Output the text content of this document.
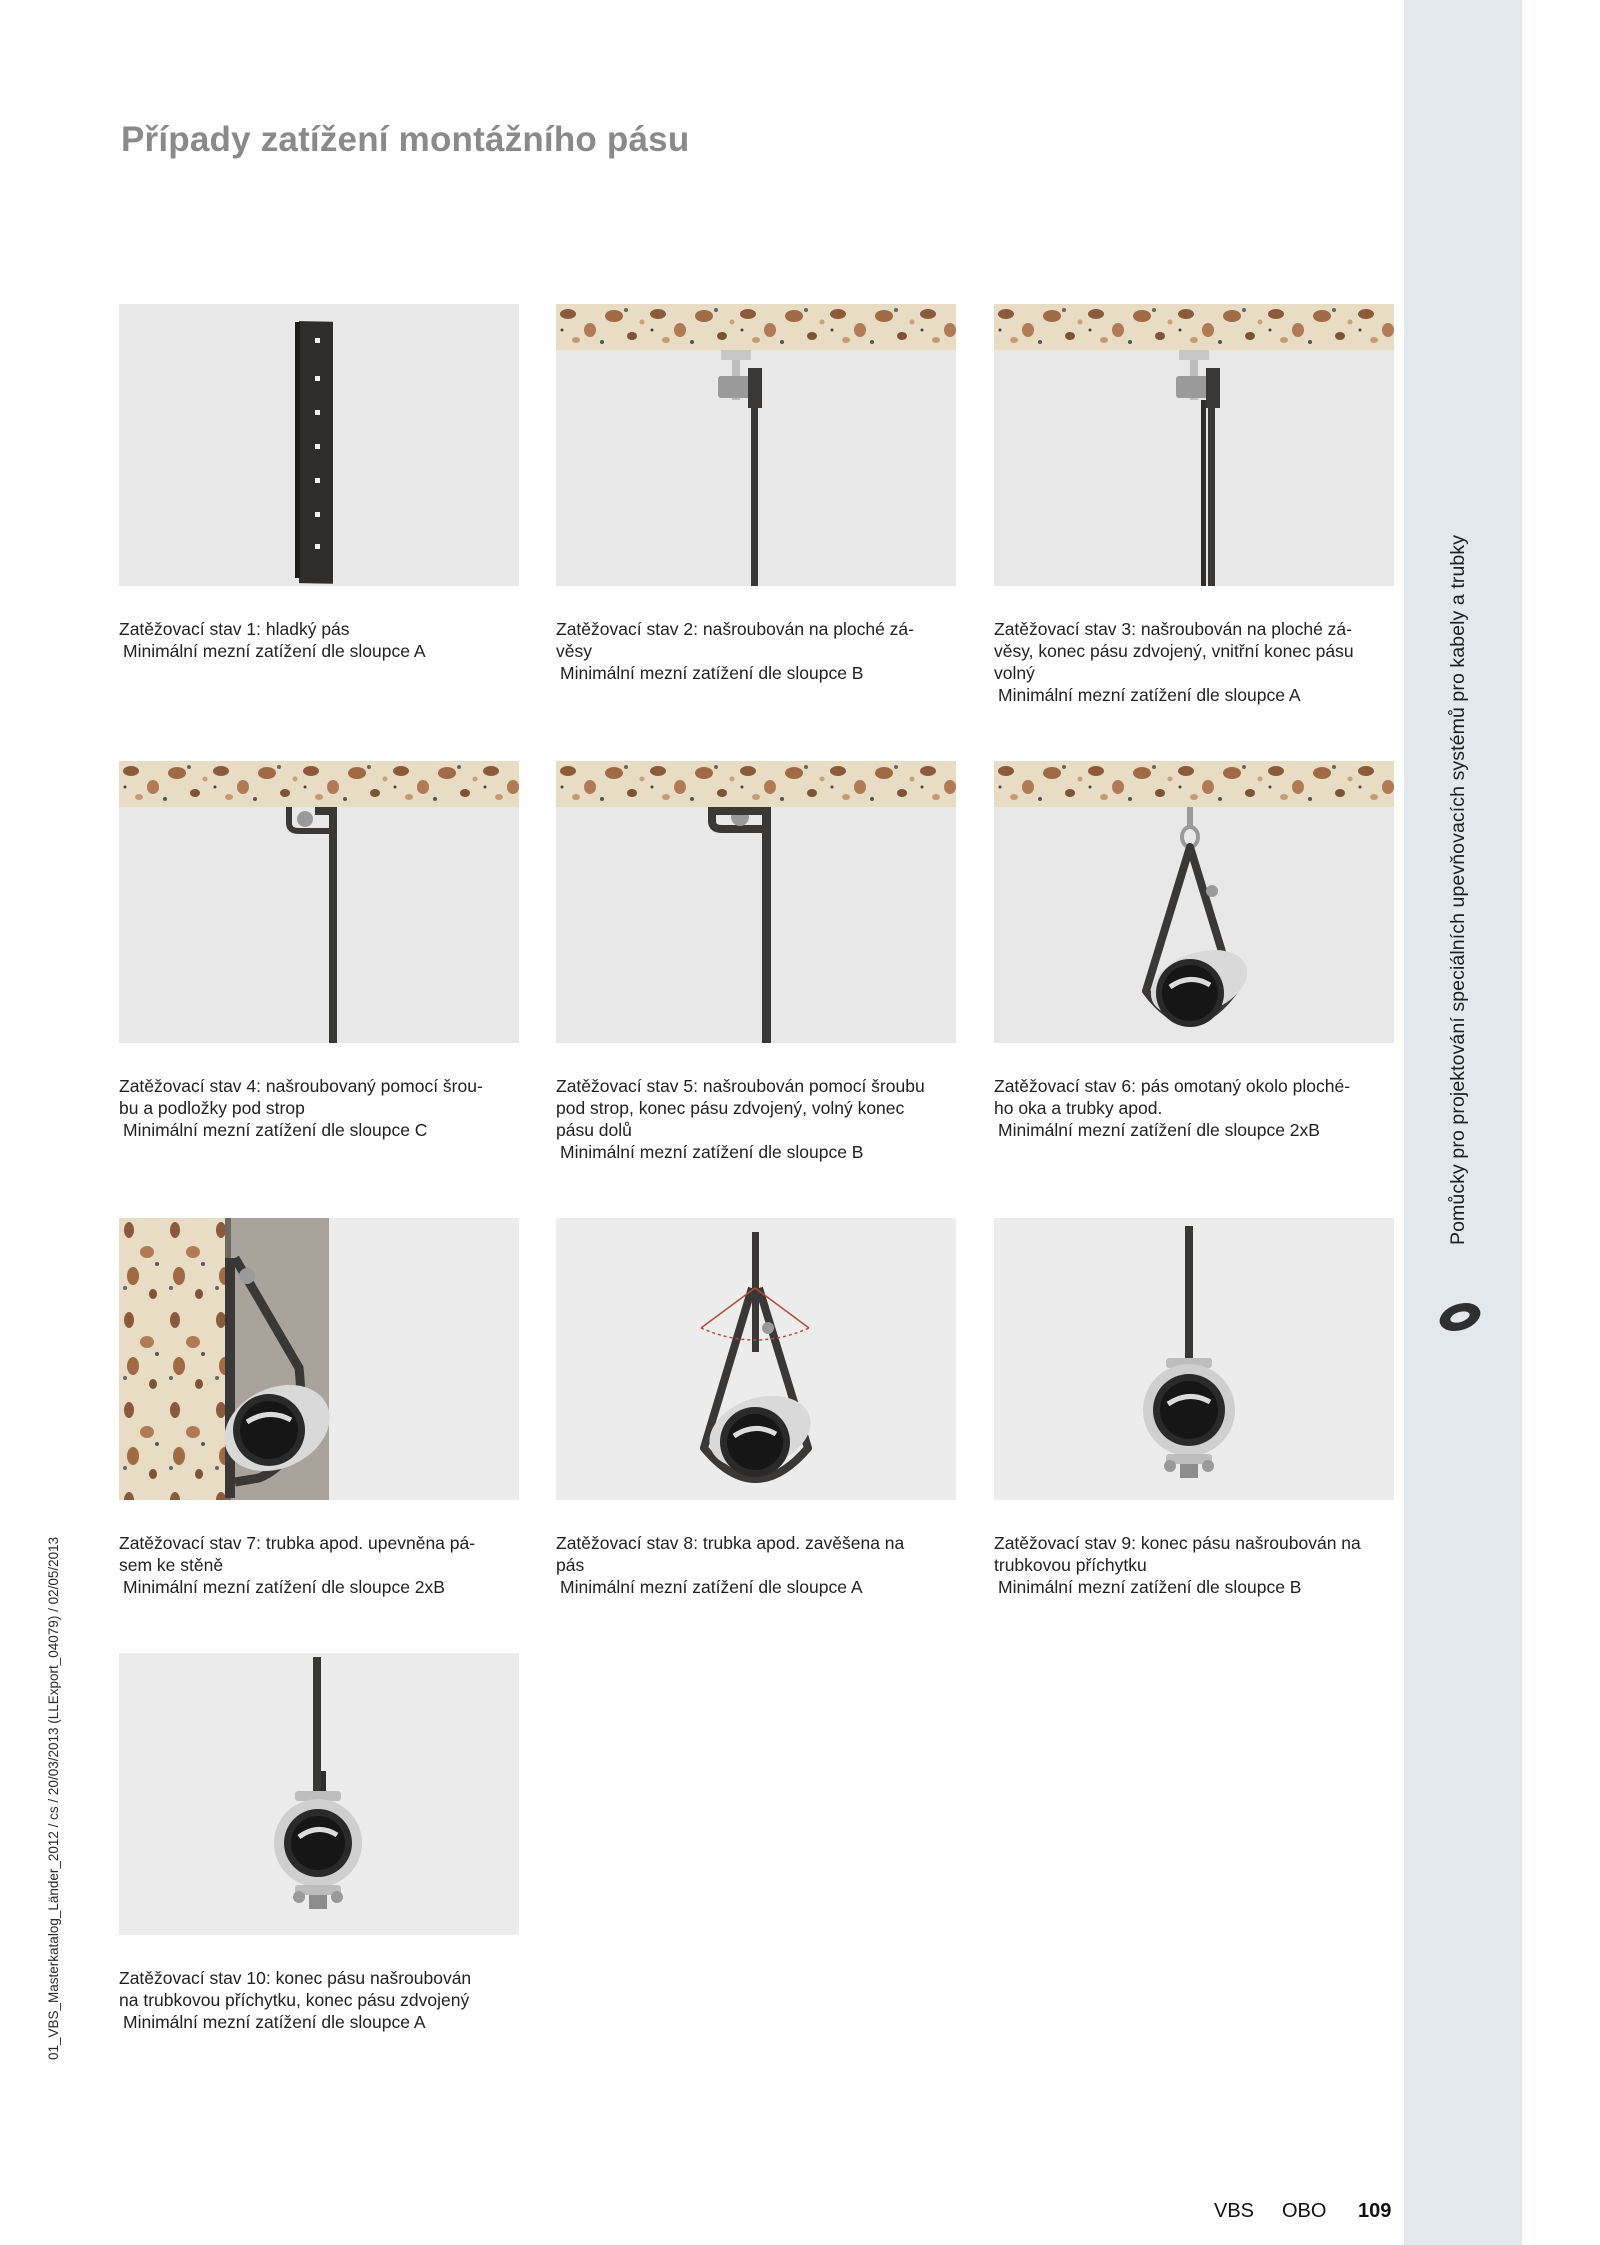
Případy zatížení montážního pásu
Pomůcky pro projektování speciálních upevňovacích systémů pro kabely a trubky
01_VBS_Masterkatalog_Länder_2012 / cs / 20/03/2013 (LLExport_04079) / 02/05/2013

Zatěžovací stav 1: hladký pás
Minimální mezní zatížení dle sloupce A

Zatěžovací stav 2: našroubován na ploché zá-
věsy
Minimální mezní zatížení dle sloupce B

Zatěžovací stav 3: našroubován na ploché zá-
věsy, konec pásu zdvojený, vnitřní konec pásu
volný
Minimální mezní zatížení dle sloupce A

Zatěžovací stav 4: našroubovaný pomocí šrou-
bu a podložky pod strop
Minimální mezní zatížení dle sloupce C

Zatěžovací stav 5: našroubován pomocí šroubu
pod strop, konec pásu zdvojený, volný konec
pásu dolů
Minimální mezní zatížení dle sloupce B

Zatěžovací stav 6: pás omotaný okolo ploché-
ho oka a trubky apod.
Minimální mezní zatížení dle sloupce 2xB

Zatěžovací stav 7: trubka apod. upevněna pá-
sem ke stěně
Minimální mezní zatížení dle sloupce 2xB

Zatěžovací stav 8: trubka apod. zavěšena na
pás
Minimální mezní zatížení dle sloupce A

Zatěžovací stav 9: konec pásu našroubován na
trubkovou příchytku
Minimální mezní zatížení dle sloupce B

Zatěžovací stav 10: konec pásu našroubován
na trubkovou příchytku, konec pásu zdvojený
Minimální mezní zatížení dle sloupce A

VBS OBO 109
